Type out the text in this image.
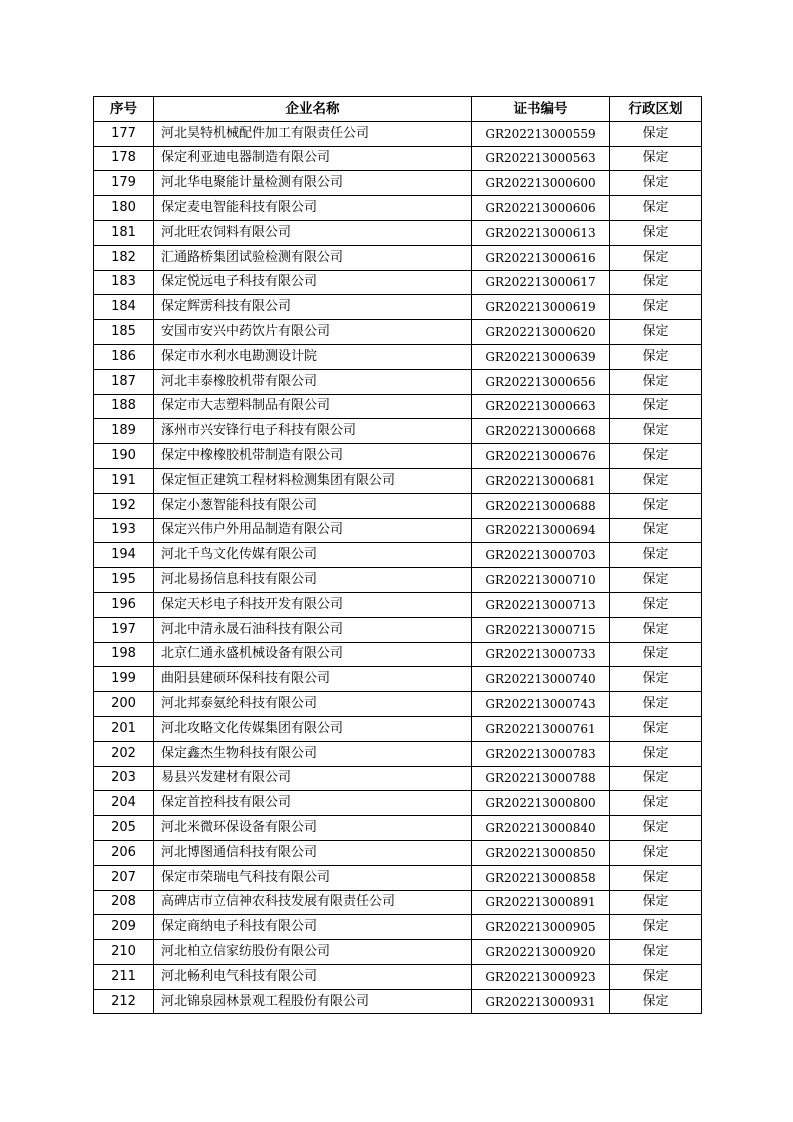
序号	企业名称	证书编号	行政区划
177	河北昊特机械配件加工有限责任公司	GR202213000559	保定
178	保定利亚迪电器制造有限公司	GR202213000563	保定
179	河北华电聚能计量检测有限公司	GR202213000600	保定
180	保定麦电智能科技有限公司	GR202213000606	保定
181	河北旺农饲料有限公司	GR202213000613	保定
182	汇通路桥集团试验检测有限公司	GR202213000616	保定
183	保定悦远电子科技有限公司	GR202213000617	保定
184	保定辉雳科技有限公司	GR202213000619	保定
185	安国市安兴中药饮片有限公司	GR202213000620	保定
186	保定市水利水电勘测设计院	GR202213000639	保定
187	河北丰泰橡胶机带有限公司	GR202213000656	保定
188	保定市大志塑料制品有限公司	GR202213000663	保定
189	涿州市兴安锋行电子科技有限公司	GR202213000668	保定
190	保定中橡橡胶机带制造有限公司	GR202213000676	保定
191	保定恒正建筑工程材料检测集团有限公司	GR202213000681	保定
192	保定小葱智能科技有限公司	GR202213000688	保定
193	保定兴伟户外用品制造有限公司	GR202213000694	保定
194	河北千鸟文化传媒有限公司	GR202213000703	保定
195	河北易扬信息科技有限公司	GR202213000710	保定
196	保定天杉电子科技开发有限公司	GR202213000713	保定
197	河北中清永晟石油科技有限公司	GR202213000715	保定
198	北京仁通永盛机械设备有限公司	GR202213000733	保定
199	曲阳县建硕环保科技有限公司	GR202213000740	保定
200	河北邦泰氨纶科技有限公司	GR202213000743	保定
201	河北攻略文化传媒集团有限公司	GR202213000761	保定
202	保定鑫杰生物科技有限公司	GR202213000783	保定
203	易县兴发建材有限公司	GR202213000788	保定
204	保定首控科技有限公司	GR202213000800	保定
205	河北米微环保设备有限公司	GR202213000840	保定
206	河北博图通信科技有限公司	GR202213000850	保定
207	保定市荣瑞电气科技有限公司	GR202213000858	保定
208	高碑店市立信神农科技发展有限责任公司	GR202213000891	保定
209	保定商纳电子科技有限公司	GR202213000905	保定
210	河北柏立信家纺股份有限公司	GR202213000920	保定
211	河北畅利电气科技有限公司	GR202213000923	保定
212	河北锦泉园林景观工程股份有限公司	GR202213000931	保定
